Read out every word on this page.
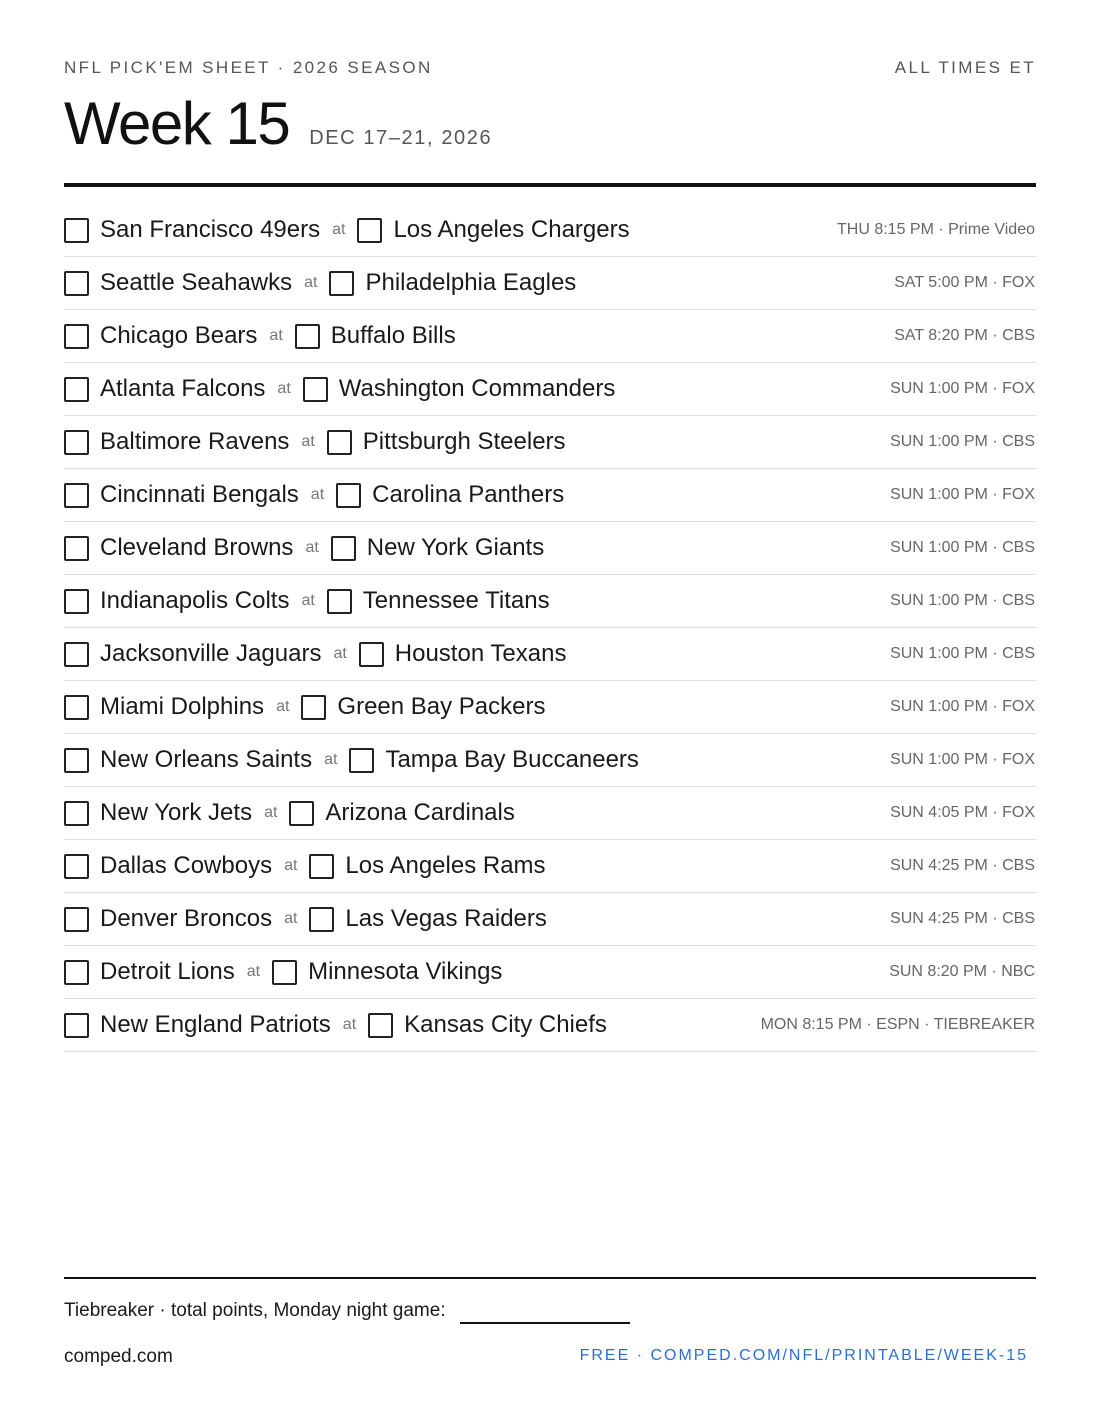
NFL PICK'EM SHEET · 2026 SEASON	ALL TIMES ET
Week 15 DEC 17–21, 2026
San Francisco 49ers at Los Angeles Chargers	THU 8:15 PM · Prime Video
Seattle Seahawks at Philadelphia Eagles	SAT 5:00 PM · FOX
Chicago Bears at Buffalo Bills	SAT 8:20 PM · CBS
Atlanta Falcons at Washington Commanders	SUN 1:00 PM · FOX
Baltimore Ravens at Pittsburgh Steelers	SUN 1:00 PM · CBS
Cincinnati Bengals at Carolina Panthers	SUN 1:00 PM · FOX
Cleveland Browns at New York Giants	SUN 1:00 PM · CBS
Indianapolis Colts at Tennessee Titans	SUN 1:00 PM · CBS
Jacksonville Jaguars at Houston Texans	SUN 1:00 PM · CBS
Miami Dolphins at Green Bay Packers	SUN 1:00 PM · FOX
New Orleans Saints at Tampa Bay Buccaneers	SUN 1:00 PM · FOX
New York Jets at Arizona Cardinals	SUN 4:05 PM · FOX
Dallas Cowboys at Los Angeles Rams	SUN 4:25 PM · CBS
Denver Broncos at Las Vegas Raiders	SUN 4:25 PM · CBS
Detroit Lions at Minnesota Vikings	SUN 8:20 PM · NBC
New England Patriots at Kansas City Chiefs	MON 8:15 PM · ESPN · TIEBREAKER
Tiebreaker · total points, Monday night game:
comped.com	FREE · COMPED.COM/NFL/PRINTABLE/WEEK-15
